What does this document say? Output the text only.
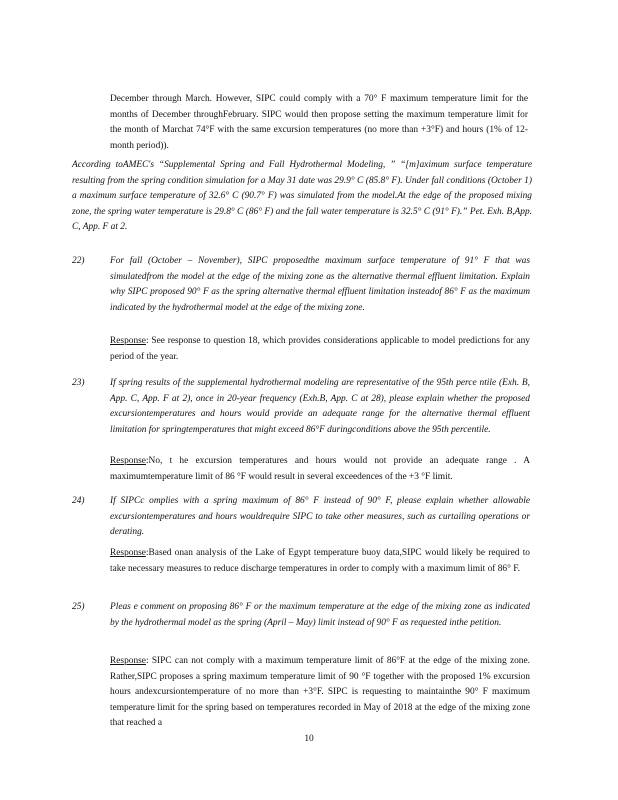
December through March. However, SIPC could comply with a 70° F maximum temperature limit for the months of December throughFebruary. SIPC would then propose setting the maximum temperature limit for the month of Marchat 74°F with the same excursion temperatures (no more than +3°F) and hours (1% of 12-month period)).

According toAMEC's “Supplemental Spring and Fall Hydrothermal Modeling, ” “[m]aximum surface temperature resulting from the spring condition simulation for a May 31 date was 29.9° C (85.8° F). Under fall conditions (October 1) a maximum surface temperature of 32.6° C (90.7° F) was simulated from the model.At the edge of the proposed mixing zone, the spring water temperature is 29.8° C (86° F) and the fall water temperature is 32.5° C (91° F).” Pet. Exh. B,App. C, App. F at 2.

22)	For fall (October – November), SIPC proposedthe maximum surface temperature of 91° F that was simulatedfrom the model at the edge of the mixing zone as the alternative thermal effluent limitation. Explain why SIPC proposed 90° F as the spring alternative thermal effluent limitation insteadof 86° F as the maximum indicated by the hydrothermal model at the edge of the mixing zone.

Response: See response to question 18, which provides considerations applicable to model predictions for any period of the year.

23)	If spring results of the supplemental hydrothermal modeling are representative of the 95th perce ntile (Exh. B, App. C, App. F at 2), once in 20-year frequency (Exh.B, App. C at 28), please explain whether the proposed excursiontemperatures and hours would provide an adequate range for the alternative thermal effluent limitation for springtemperatures that might exceed 86°F duringconditions above the 95th percentile.

Response:No, t he excursion temperatures and hours would not provide an adequate range . A maximumtemperature limit of 86 °F would result in several exceedences of the +3 °F limit.

24)	If SIPCc omplies with a spring maximum of 86° F instead of 90° F, please explain whether allowable excursiontemperatures and hours wouldrequire SIPC to take other measures, such as curtailing operations or derating.

Response:Based onan analysis of the Lake of Egypt temperature buoy data,SIPC would likely be required to take necessary measures to reduce discharge temperatures in order to comply with a maximum limit of 86° F.

25)	Pleas e comment on proposing 86° F or the maximum temperature at the edge of the mixing zone as indicated by the hydrothermal model as the spring (April – May) limit instead of 90° F as requested inthe petition.

Response: SIPC can not comply with a maximum temperature limit of 86°F at the edge of the mixing zone. Rather,SIPC proposes a spring maximum temperature limit of 90 °F together with the proposed 1% excursion hours andexcursiontemperature of no more than +3°F. SIPC is requesting to maintainthe 90° F maximum temperature limit for the spring based on temperatures recorded in May of 2018 at the edge of the mixing zone that reached a

10
